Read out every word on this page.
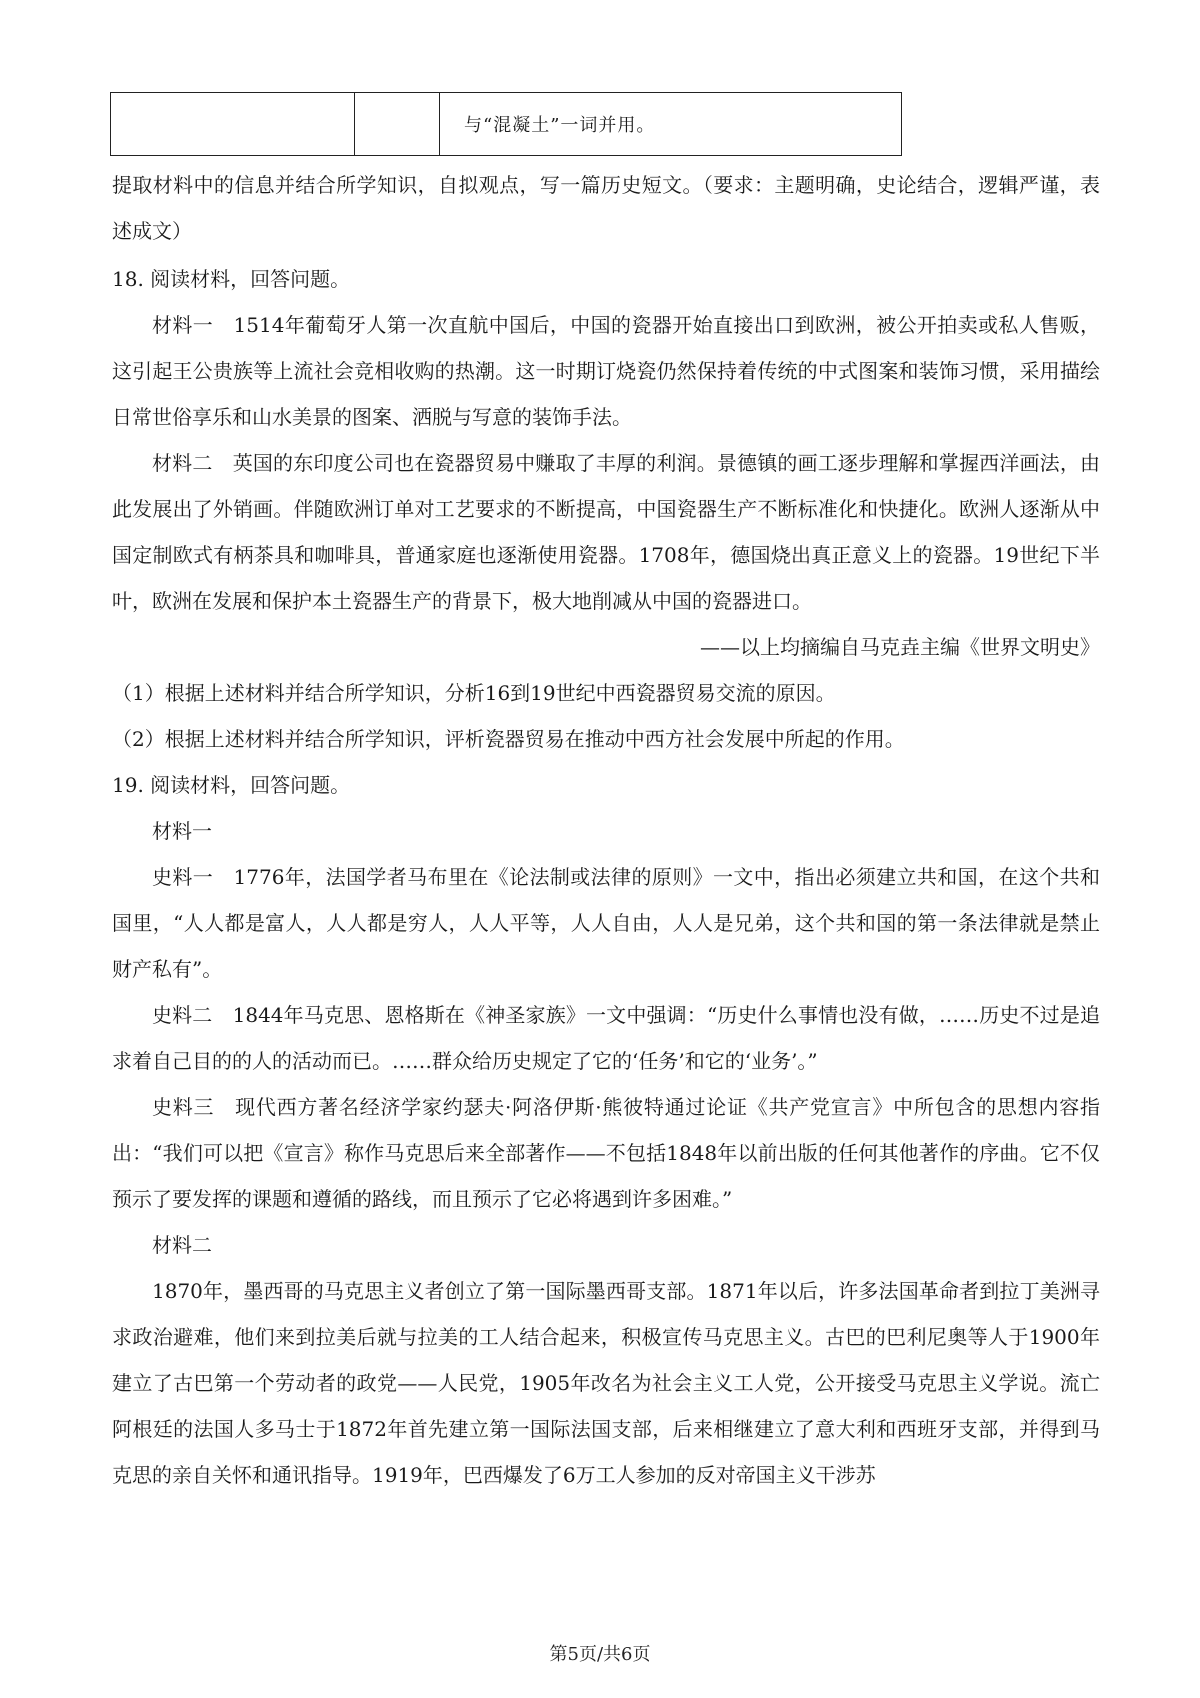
		与“混凝土”一词并用。

提取材料中的信息并结合所学知识，自拟观点，写一篇历史短文。（要求：主题明确，史论结合，逻辑严谨，表述成文）

18. 阅读材料，回答问题。

材料一　1514年葡萄牙人第一次直航中国后，中国的瓷器开始直接出口到欧洲，被公开拍卖或私人售贩，这引起王公贵族等上流社会竞相收购的热潮。这一时期订烧瓷仍然保持着传统的中式图案和装饰习惯，采用描绘日常世俗享乐和山水美景的图案、洒脱与写意的装饰手法。

材料二　英国的东印度公司也在瓷器贸易中赚取了丰厚的利润。景德镇的画工逐步理解和掌握西洋画法，由此发展出了外销画。伴随欧洲订单对工艺要求的不断提高，中国瓷器生产不断标准化和快捷化。欧洲人逐渐从中国定制欧式有柄茶具和咖啡具，普通家庭也逐渐使用瓷器。1708年，德国烧出真正意义上的瓷器。19世纪下半叶，欧洲在发展和保护本土瓷器生产的背景下，极大地削减从中国的瓷器进口。

——以上均摘编自马克垚主编《世界文明史》

（1）根据上述材料并结合所学知识，分析16到19世纪中西瓷器贸易交流的原因。

（2）根据上述材料并结合所学知识，评析瓷器贸易在推动中西方社会发展中所起的作用。

19. 阅读材料，回答问题。

材料一

史料一　1776年，法国学者马布里在《论法制或法律的原则》一文中，指出必须建立共和国，在这个共和国里，“人人都是富人，人人都是穷人，人人平等，人人自由，人人是兄弟，这个共和国的第一条法律就是禁止财产私有”。

史料二　1844年马克思、恩格斯在《神圣家族》一文中强调：“历史什么事情也没有做，……历史不过是追求着自己目的的人的活动而已。……群众给历史规定了它的‘任务’和它的‘业务’。”

史料三　现代西方著名经济学家约瑟夫·阿洛伊斯·熊彼特通过论证《共产党宣言》中所包含的思想内容指出：“我们可以把《宣言》称作马克思后来全部著作——不包括1848年以前出版的任何其他著作的序曲。它不仅预示了要发挥的课题和遵循的路线，而且预示了它必将遇到许多困难。”

材料二

1870年，墨西哥的马克思主义者创立了第一国际墨西哥支部。1871年以后，许多法国革命者到拉丁美洲寻求政治避难，他们来到拉美后就与拉美的工人结合起来，积极宣传马克思主义。古巴的巴利尼奥等人于1900年建立了古巴第一个劳动者的政党——人民党，1905年改名为社会主义工人党，公开接受马克思主义学说。流亡阿根廷的法国人多马士于1872年首先建立第一国际法国支部，后来相继建立了意大利和西班牙支部，并得到马克思的亲自关怀和通讯指导。1919年，巴西爆发了6万工人参加的反对帝国主义干涉苏

第5页/共6页
